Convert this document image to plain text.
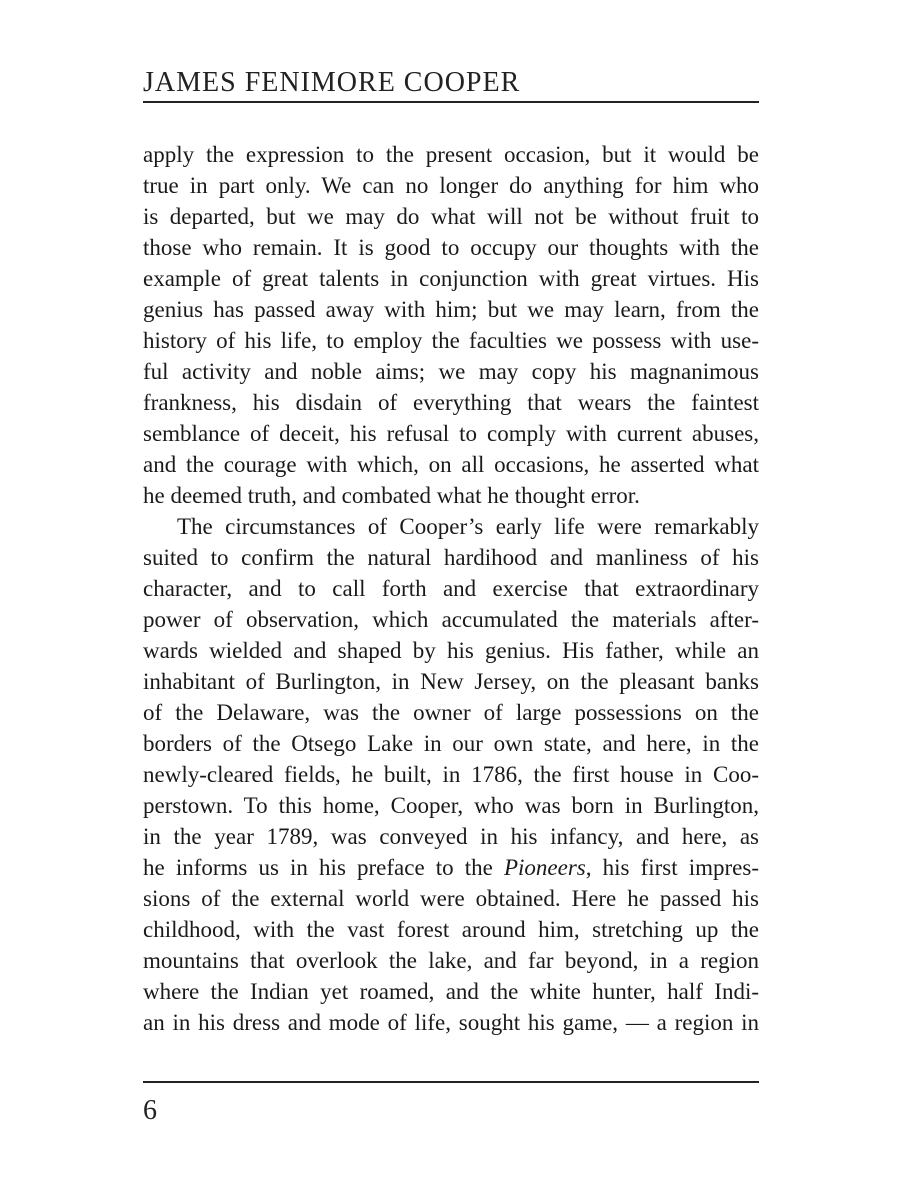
JAMES FENIMORE COOPER
apply the expression to the present occasion, but it would be
true in part only. We can no longer do anything for him who
is departed, but we may do what will not be without fruit to
those who remain. It is good to occupy our thoughts with the
example of great talents in conjunction with great virtues. His
genius has passed away with him; but we may learn, from the
history of his life, to employ the faculties we possess with use-
ful activity and noble aims; we may copy his magnanimous
frankness, his disdain of everything that wears the faintest
semblance of deceit, his refusal to comply with current abuses,
and the courage with which, on all occasions, he asserted what
he deemed truth, and combated what he thought error.
The circumstances of Cooper’s early life were remarkably
suited to confirm the natural hardihood and manliness of his
character, and to call forth and exercise that extraordinary
power of observation, which accumulated the materials after-
wards wielded and shaped by his genius. His father, while an
inhabitant of Burlington, in New Jersey, on the pleasant banks
of the Delaware, was the owner of large possessions on the
borders of the Otsego Lake in our own state, and here, in the
newly-cleared fields, he built, in 1786, the first house in Coo-
perstown. To this home, Cooper, who was born in Burlington,
in the year 1789, was conveyed in his infancy, and here, as
he informs us in his preface to the Pioneers, his first impres-
sions of the external world were obtained. Here he passed his
childhood, with the vast forest around him, stretching up the
mountains that overlook the lake, and far beyond, in a region
where the Indian yet roamed, and the white hunter, half Indi-
an in his dress and mode of life, sought his game, — a region in
6
